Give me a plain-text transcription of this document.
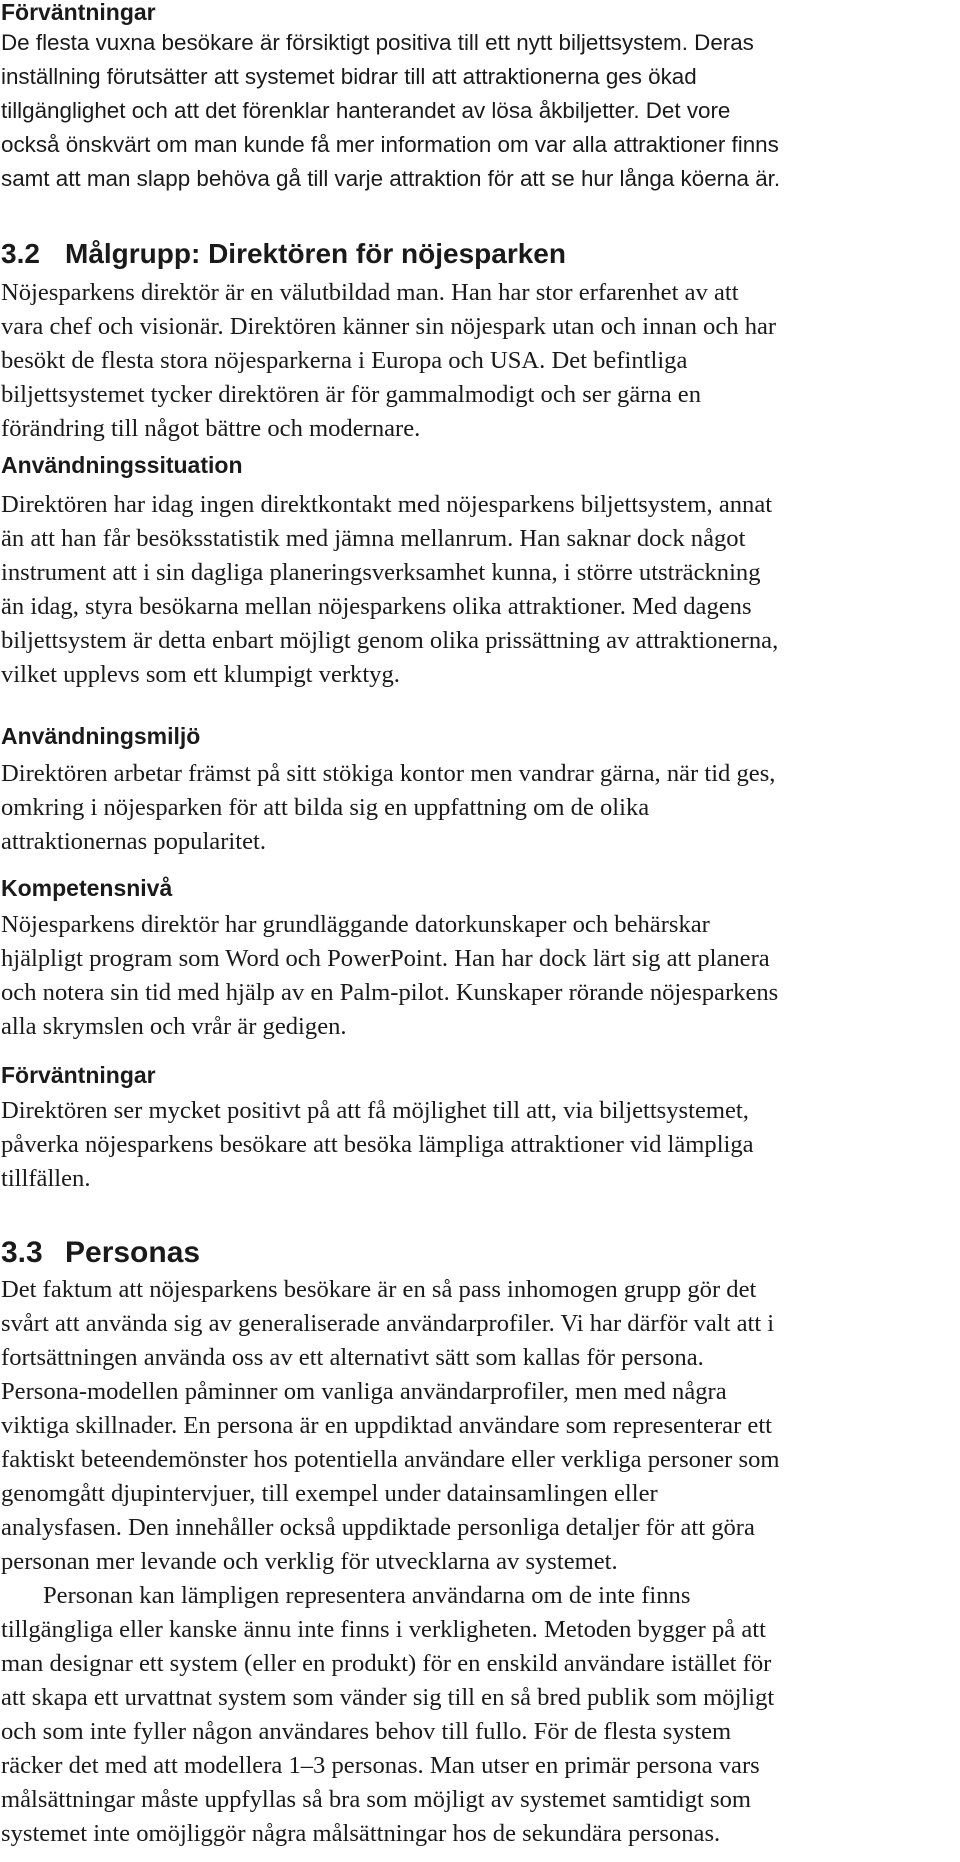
Förväntningar
De flesta vuxna besökare är försiktigt positiva till ett nytt biljettsystem. Deras
inställning förutsätter att systemet bidrar till att attraktionerna ges ökad
tillgänglighet och att det förenklar hanterandet av lösa åkbiljetter. Det vore
också önskvärt om man kunde få mer information om var alla attraktioner finns
samt att man slapp behöva gå till varje attraktion för att se hur långa köerna är.
3.2 Målgrupp: Direktören för nöjesparken
Nöjesparkens direktör är en välutbildad man. Han har stor erfarenhet av att
vara chef och visionär. Direktören känner sin nöjespark utan och innan och har
besökt de flesta stora nöjesparkerna i Europa och USA. Det befintliga
biljettsystemet tycker direktören är för gammalmodigt och ser gärna en
förändring till något bättre och modernare.
Användningssituation
Direktören har idag ingen direktkontakt med nöjesparkens biljettsystem, annat
än att han får besöksstatistik med jämna mellanrum. Han saknar dock något
instrument att i sin dagliga planeringsverksamhet kunna, i större utsträckning
än idag, styra besökarna mellan nöjesparkens olika attraktioner. Med dagens
biljettsystem är detta enbart möjligt genom olika prissättning av attraktionerna,
vilket upplevs som ett klumpigt verktyg.
Användningsmiljö
Direktören arbetar främst på sitt stökiga kontor men vandrar gärna, när tid ges,
omkring i nöjesparken för att bilda sig en uppfattning om de olika
attraktionernas popularitet.
Kompetensnivå
Nöjesparkens direktör har grundläggande datorkunskaper och behärskar
hjälpligt program som Word och PowerPoint. Han har dock lärt sig att planera
och notera sin tid med hjälp av en Palm-pilot. Kunskaper rörande nöjesparkens
alla skrymslen och vrår är gedigen.
Förväntningar
Direktören ser mycket positivt på att få möjlighet till att, via biljettsystemet,
påverka nöjesparkens besökare att besöka lämpliga attraktioner vid lämpliga
tillfällen.
3.3 Personas
Det faktum att nöjesparkens besökare är en så pass inhomogen grupp gör det
svårt att använda sig av generaliserade användarprofiler. Vi har därför valt att i
fortsättningen använda oss av ett alternativt sätt som kallas för persona.
Persona-modellen påminner om vanliga användarprofiler, men med några
viktiga skillnader. En persona är en uppdiktad användare som representerar ett
faktiskt beteendemönster hos potentiella användare eller verkliga personer som
genomgått djupintervjuer, till exempel under datainsamlingen eller
analysfasen. Den innehåller också uppdiktade personliga detaljer för att göra
personan mer levande och verklig för utvecklarna av systemet.
Personan kan lämpligen representera användarna om de inte finns
tillgängliga eller kanske ännu inte finns i verkligheten. Metoden bygger på att
man designar ett system (eller en produkt) för en enskild användare istället för
att skapa ett urvattnat system som vänder sig till en så bred publik som möjligt
och som inte fyller någon användares behov till fullo. För de flesta system
räcker det med att modellera 1–3 personas. Man utser en primär persona vars
målsättningar måste uppfyllas så bra som möjligt av systemet samtidigt som
systemet inte omöjliggör några målsättningar hos de sekundära personas.
